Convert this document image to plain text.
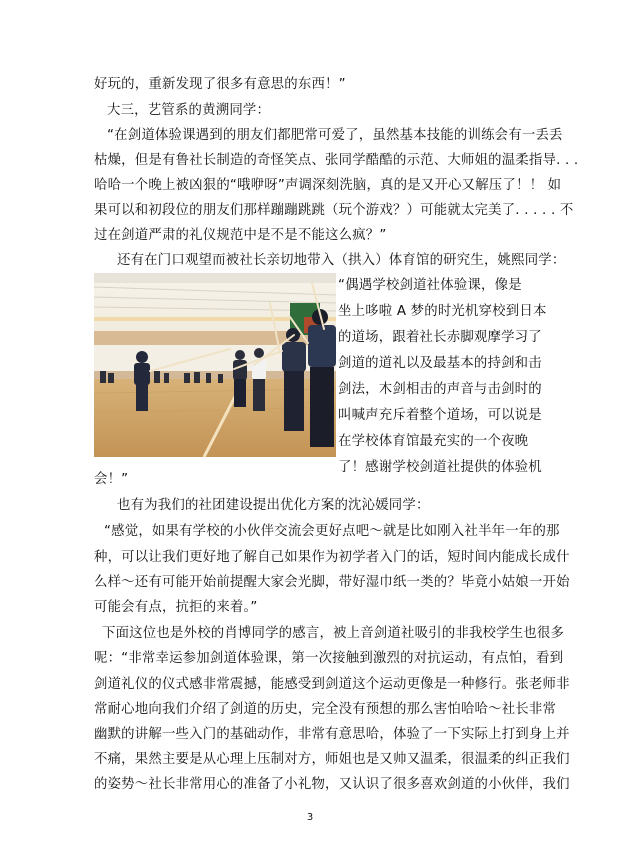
好玩的，重新发现了很多有意思的东西！”
大三，艺管系的黄溯同学：
“在剑道体验课遇到的朋友们都肥常可爱了，虽然基本技能的训练会有一丢丢
枯燥，但是有鲁社长制造的奇怪笑点、张同学酷酷的示范、大师姐的温柔指导. . .
哈哈一个晚上被凶狠的“哦咿呀”声调深刻洗脑，真的是又开心又解压了！！ 如
果可以和初段位的朋友们那样蹦蹦跳跳（玩个游戏？）可能就太完美了. . . . . 不
过在剑道严肃的礼仪规范中是不是不能这么疯？”
还有在门口观望而被社长亲切地带入（拱入）体育馆的研究生，姚熙同学：
“偶遇学校剑道社体验课，像是
坐上哆啦 A 梦的时光机穿校到日本
的道场，跟着社长赤脚观摩学习了
剑道的道礼以及最基本的持剑和击
剑法，木剑相击的声音与击剑时的
叫喊声充斥着整个道场，可以说是
在学校体育馆最充实的一个夜晚
了！感谢学校剑道社提供的体验机
会！”
也有为我们的社团建设提出优化方案的沈沁媛同学：
“感觉，如果有学校的小伙伴交流会更好点吧～就是比如刚入社半年一年的那
种，可以让我们更好地了解自己如果作为初学者入门的话，短时间内能成长成什
么样～还有可能开始前提醒大家会光脚，带好湿巾纸一类的？毕竟小姑娘一开始
可能会有点，抗拒的来着。”
下面这位也是外校的肖博同学的感言，被上音剑道社吸引的非我校学生也很多
呢：“非常幸运参加剑道体验课，第一次接触到激烈的对抗运动，有点怕，看到
剑道礼仪的仪式感非常震撼，能感受到剑道这个运动更像是一种修行。张老师非
常耐心地向我们介绍了剑道的历史，完全没有预想的那么害怕哈哈～社长非常
幽默的讲解一些入门的基础动作，非常有意思哈，体验了一下实际上打到身上并
不痛，果然主要是从心理上压制对方，师姐也是又帅又温柔，很温柔的纠正我们
的姿势～社长非常用心的准备了小礼物，又认识了很多喜欢剑道的小伙伴，我们
3
